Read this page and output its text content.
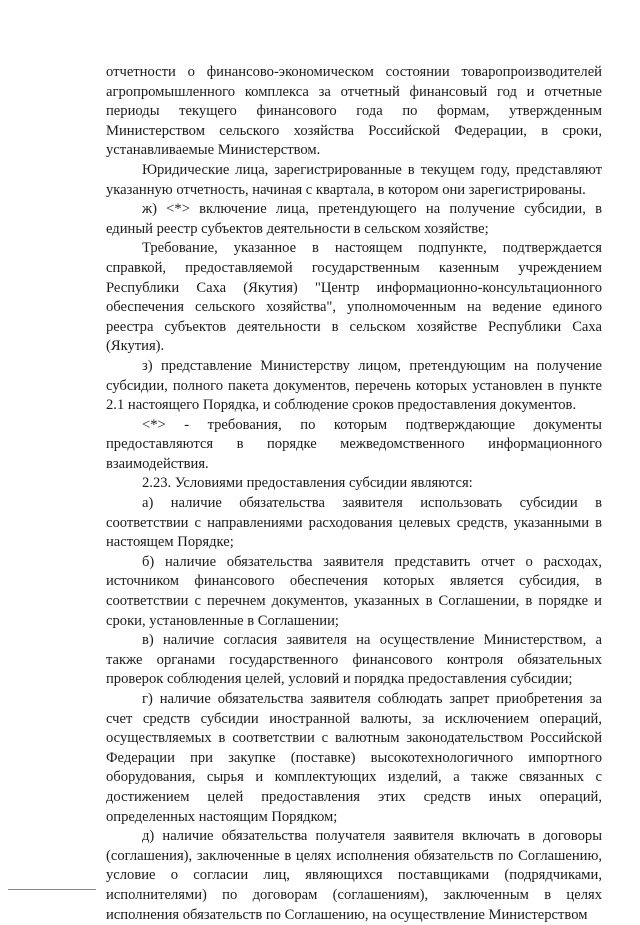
отчетности о финансово-экономическом состоянии товаропроизводителей агропромышленного комплекса за отчетный финансовый год и отчетные периоды текущего финансового года по формам, утвержденным Министерством сельского хозяйства Российской Федерации, в сроки, устанавливаемые Министерством.

Юридические лица, зарегистрированные в текущем году, представляют указанную отчетность, начиная с квартала, в котором они зарегистрированы.

ж) <*> включение лица, претендующего на получение субсидии, в единый реестр субъектов деятельности в сельском хозяйстве;

Требование, указанное в настоящем подпункте, подтверждается справкой, предоставляемой государственным казенным учреждением Республики Саха (Якутия) "Центр информационно-консультационного обеспечения сельского хозяйства", уполномоченным на ведение единого реестра субъектов деятельности в сельском хозяйстве Республики Саха (Якутия).

з) представление Министерству лицом, претендующим на получение субсидии, полного пакета документов, перечень которых установлен в пункте 2.1 настоящего Порядка, и соблюдение сроков предоставления документов.

<*> - требования, по которым подтверждающие документы предоставляются в порядке межведомственного информационного взаимодействия.

2.23. Условиями предоставления субсидии являются:

а) наличие обязательства заявителя использовать субсидии в соответствии с направлениями расходования целевых средств, указанными в настоящем Порядке;

б) наличие обязательства заявителя представить отчет о расходах, источником финансового обеспечения которых является субсидия, в соответствии с перечнем документов, указанных в Соглашении, в порядке и сроки, установленные в Соглашении;

в) наличие согласия заявителя на осуществление Министерством, а также органами государственного финансового контроля обязательных проверок соблюдения целей, условий и порядка предоставления субсидии;

г) наличие обязательства заявителя соблюдать запрет приобретения за счет средств субсидии иностранной валюты, за исключением операций, осуществляемых в соответствии с валютным законодательством Российской Федерации при закупке (поставке) высокотехнологичного импортного оборудования, сырья и комплектующих изделий, а также связанных с достижением целей предоставления этих средств иных операций, определенных настоящим Порядком;

д) наличие обязательства получателя заявителя включать в договоры (соглашения), заключенные в целях исполнения обязательств по Соглашению, условие о согласии лиц, являющихся поставщиками (подрядчиками, исполнителями) по договорам (соглашениям), заключенным в целях исполнения обязательств по Соглашению, на осуществление Министерством
